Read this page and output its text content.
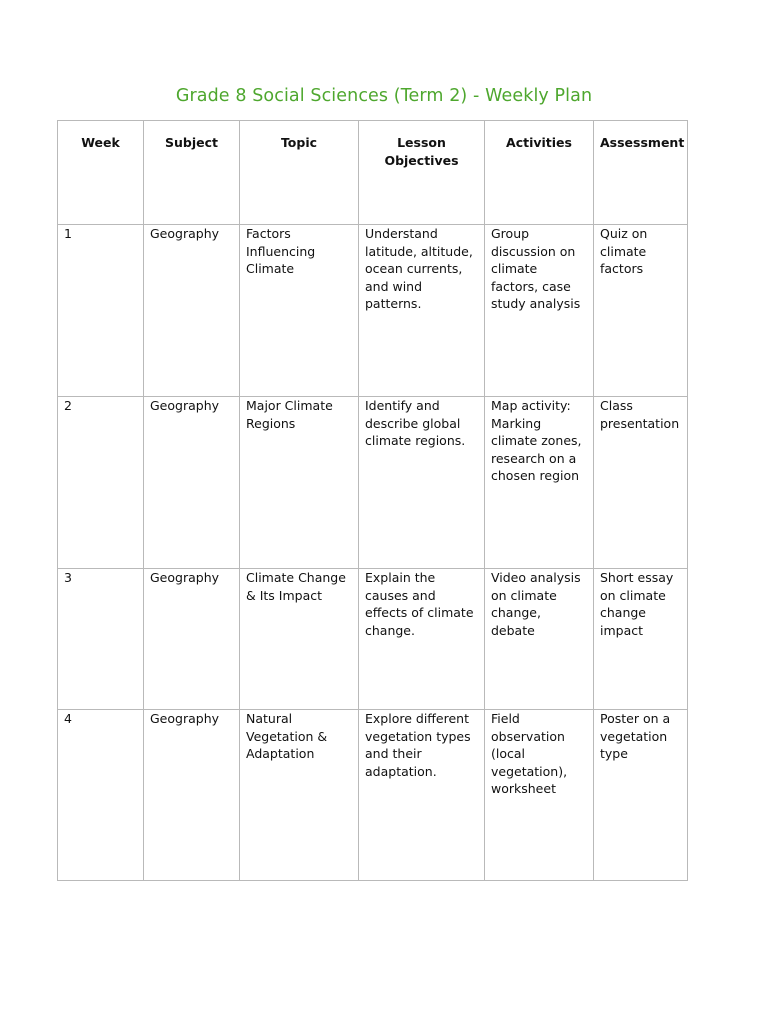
Grade 8 Social Sciences (Term 2) - Weekly Plan
Week	Subject	Topic	Lesson Objectives	Activities	Assessment

1	Geography	Factors Influencing Climate	Understand latitude, altitude, ocean currents, and wind patterns.	Group discussion on climate factors, case study analysis	Quiz on climate factors

2	Geography	Major Climate Regions	Identify and describe global climate regions.	Map activity: Marking climate zones, research on a chosen region	Class presentation

3	Geography	Climate Change & Its Impact	Explain the causes and effects of climate change.	Video analysis on climate change, debate	Short essay on climate change impact

4	Geography	Natural Vegetation & Adaptation	Explore different vegetation types and their adaptation.	Field observation (local vegetation), worksheet	Poster on a vegetation type
